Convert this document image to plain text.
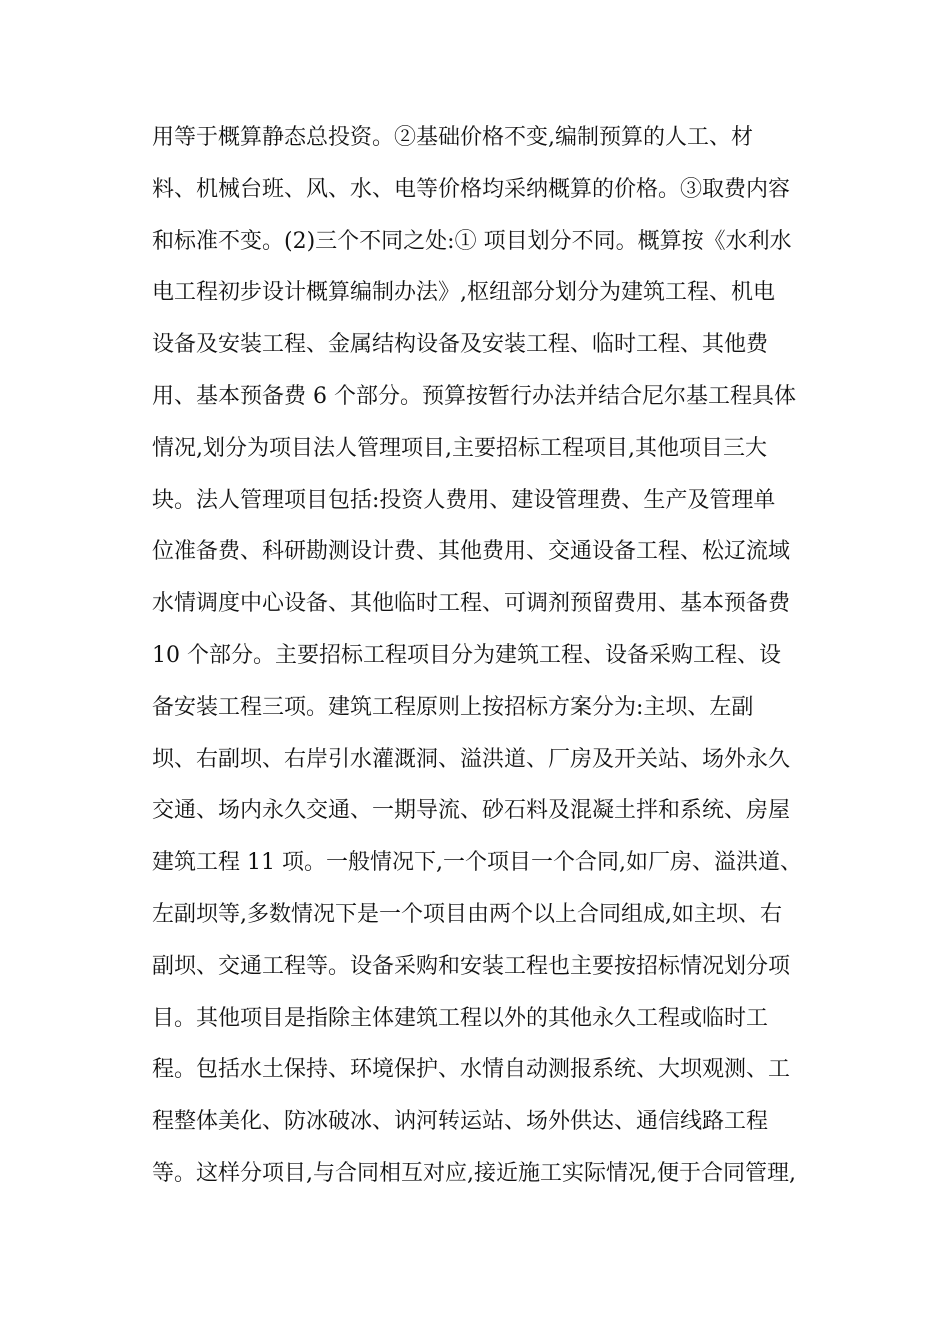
用等于概算静态总投资。②基础价格不变,编制预算的人工、材
料、机械台班、风、水、电等价格均采纳概算的价格。③取费内容
和标准不变。(2)三个不同之处:① 项目划分不同。概算按《水利水
电工程初步设计概算编制办法》,枢纽部分划分为建筑工程、机电
设备及安装工程、金属结构设备及安装工程、临时工程、其他费
用、基本预备费 6 个部分。预算按暂行办法并结合尼尔基工程具体
情况,划分为项目法人管理项目,主要招标工程项目,其他项目三大
块。法人管理项目包括:投资人费用、建设管理费、生产及管理单
位准备费、科研勘测设计费、其他费用、交通设备工程、松辽流域
水情调度中心设备、其他临时工程、可调剂预留费用、基本预备费
10 个部分。主要招标工程项目分为建筑工程、设备采购工程、设
备安装工程三项。建筑工程原则上按招标方案分为:主坝、左副
坝、右副坝、右岸引水灌溉洞、溢洪道、厂房及开关站、场外永久
交通、场内永久交通、一期导流、砂石料及混凝土拌和系统、房屋
建筑工程 11 项。一般情况下,一个项目一个合同,如厂房、溢洪道、
左副坝等,多数情况下是一个项目由两个以上合同组成,如主坝、右
副坝、交通工程等。设备采购和安装工程也主要按招标情况划分项
目。其他项目是指除主体建筑工程以外的其他永久工程或临时工
程。包括水土保持、环境保护、水情自动测报系统、大坝观测、工
程整体美化、防冰破冰、讷河转运站、场外供达、通信线路工程
等。这样分项目,与合同相互对应,接近施工实际情况,便于合同管理,
